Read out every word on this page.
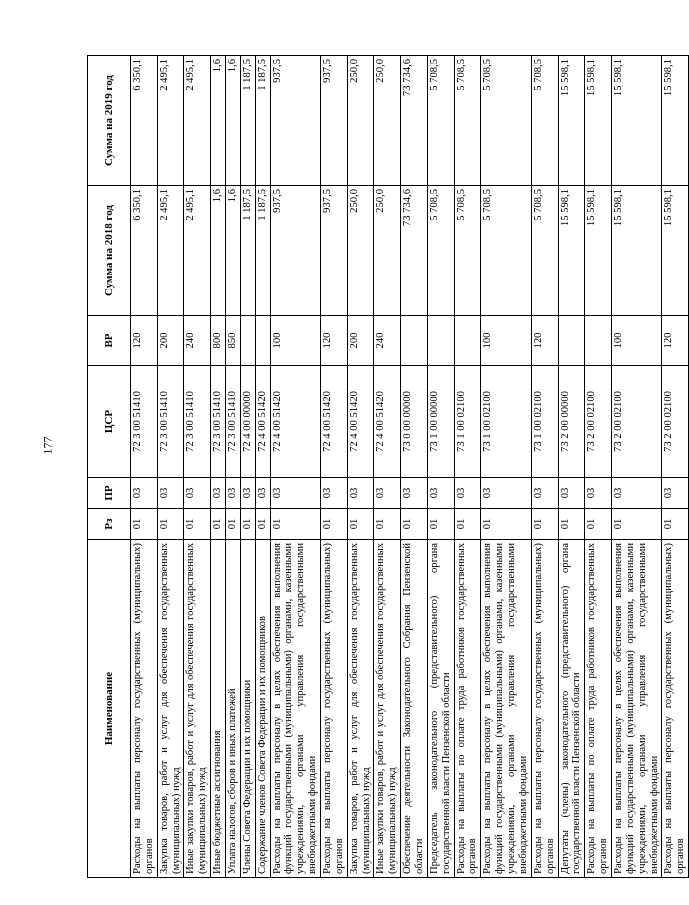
177
Наименование	Рз	ПР	ЦСР	ВР	Сумма на 2018 год	Сумма на 2019 год
Расходы на выплаты персоналу государственных (муниципальных) органов	01	03	72 3 00 51410	120	6 350,1	6 350,1
Закупка товаров, работ и услуг для обеспечения государственных (муниципальных) нужд	01	03	72 3 00 51410	200	2 495,1	2 495,1
Иные закупки товаров, работ и услуг для обеспечения государственных (муниципальных) нужд	01	03	72 3 00 51410	240	2 495,1	2 495,1
Иные бюджетные ассигнования	01	03	72 3 00 51410	800	1,6	1,6
Уплата налогов, сборов и иных платежей	01	03	72 3 00 51410	850	1,6	1,6
Члены Совета Федерации и их помощники	01	03	72 4 00 00000		1 187,5	1 187,5
Содержание членов Совета Федерации и их помощников	01	03	72 4 00 51420		1 187,5	1 187,5
Расходы на выплаты персоналу в целях обеспечения выполнения функций государственными (муниципальными) органами, казенными учреждениями, органами управления государственными внебюджетными фондами	01	03	72 4 00 51420	100	937,5	937,5
Расходы на выплаты персоналу государственных (муниципальных) органов	01	03	72 4 00 51420	120	937,5	937,5
Закупка товаров, работ и услуг для обеспечения государственных (муниципальных) нужд	01	03	72 4 00 51420	200	250,0	250,0
Иные закупки товаров, работ и услуг для обеспечения государственных (муниципальных) нужд	01	03	72 4 00 51420	240	250,0	250,0
Обеспечение деятельности Законодательного Собрания Пензенской области	01	03	73 0 00 00000		73 734,6	73 734,6
Председатель законодательного (представительного) органа государственной власти Пензенской области	01	03	73 1 00 00000		5 708,5	5 708,5
Расходы на выплаты по оплате труда работников государственных органов	01	03	73 1 00 02100		5 708,5	5 708,5
Расходы на выплаты персоналу в целях обеспечения выполнения функций государственными (муниципальными) органами, казенными учреждениями, органами управления государственными внебюджетными фондами	01	03	73 1 00 02100	100	5 708,5	5 708,5
Расходы на выплаты персоналу государственных (муниципальных) органов	01	03	73 1 00 02100	120	5 708,5	5 708,5
Депутаты (члены) законодательного (представительного) органа государственной власти Пензенской области	01	03	73 2 00 00000		15 598,1	15 598,1
Расходы на выплаты по оплате труда работников государственных органов	01	03	73 2 00 02100		15 598,1	15 598,1
Расходы на выплаты персоналу в целях обеспечения выполнения функций государственными (муниципальными) органами, казенными учреждениями, органами управления государственными внебюджетными фондами	01	03	73 2 00 02100	100	15 598,1	15 598,1
Расходы на выплаты персоналу государственных (муниципальных) органов	01	03	73 2 00 02100	120	15 598,1	15 598,1
